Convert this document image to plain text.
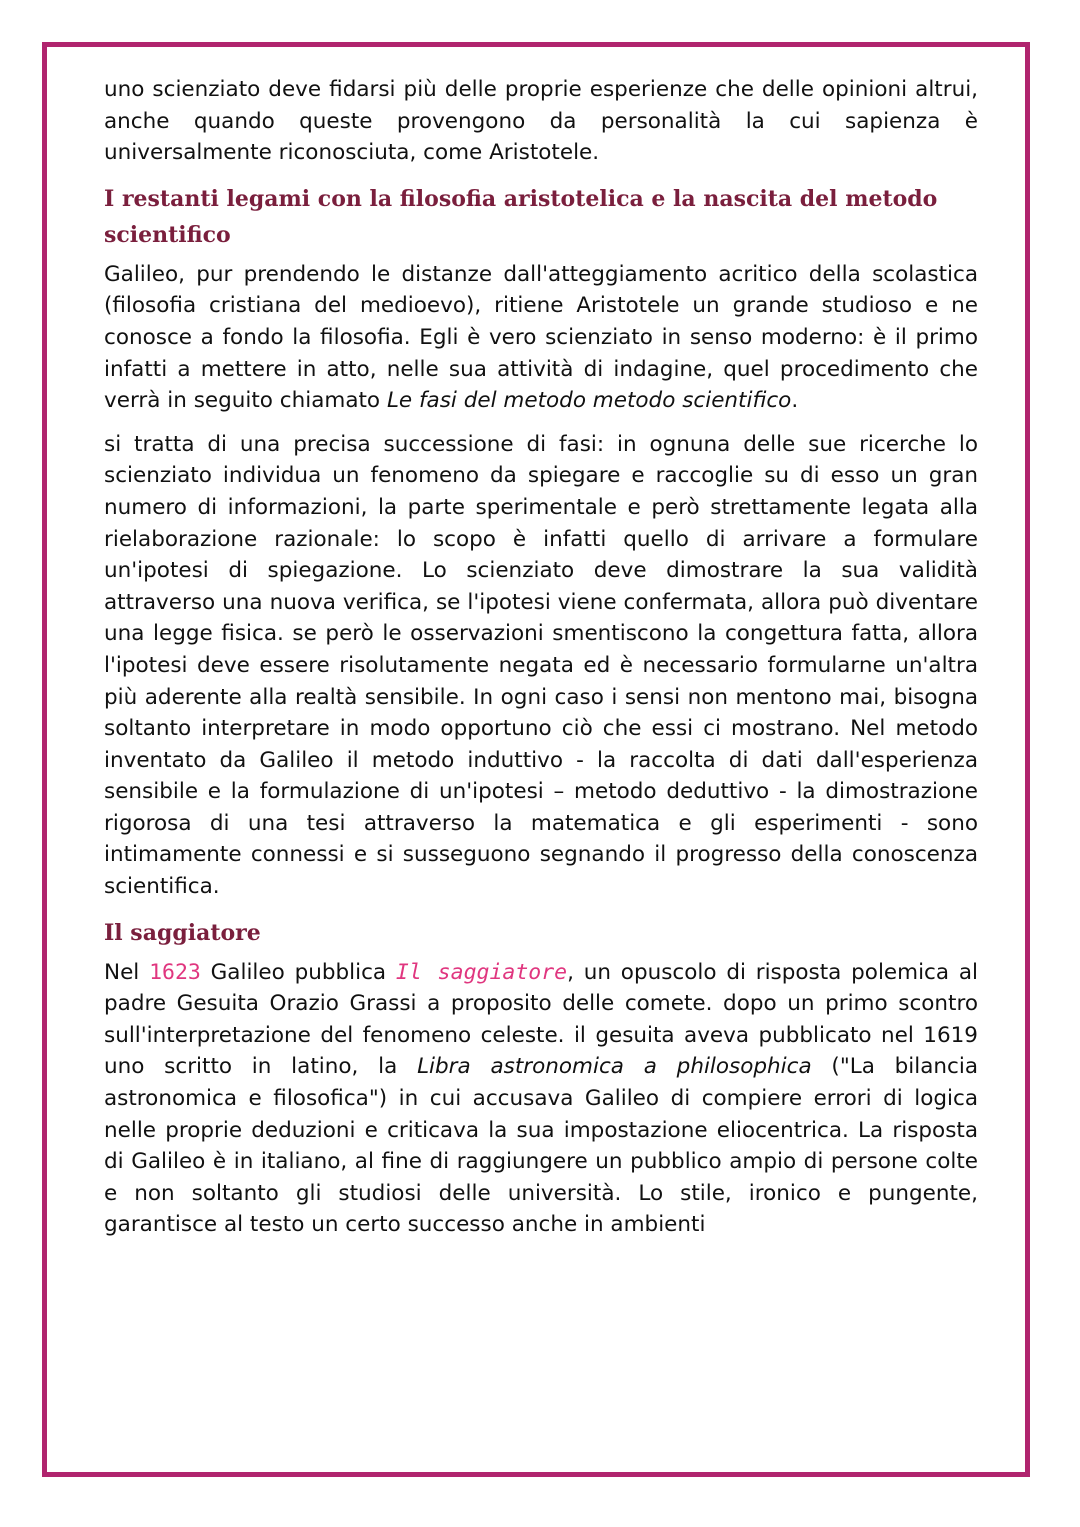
uno scienziato deve fidarsi più delle proprie esperienze che delle opinioni altrui, anche quando queste provengono da personalità la cui sapienza è universalmente riconosciuta, come Aristotele.

I restanti legami con la filosofia aristotelica e la nascita del metodo scientifico

Galileo, pur prendendo le distanze dall'atteggiamento acritico della scolastica (filosofia cristiana del medioevo), ritiene Aristotele un grande studioso e ne conosce a fondo la filosofia. Egli è vero scienziato in senso moderno: è il primo infatti a mettere in atto, nelle sua attività di indagine, quel procedimento che verrà in seguito chiamato Le fasi del metodo metodo scientifico.

si tratta di una precisa successione di fasi: in ognuna delle sue ricerche lo scienziato individua un fenomeno da spiegare e raccoglie su di esso un gran numero di informazioni, la parte sperimentale e però strettamente legata alla rielaborazione razionale: lo scopo è infatti quello di arrivare a formulare un'ipotesi di spiegazione. Lo scienziato deve dimostrare la sua validità attraverso una nuova verifica, se l'ipotesi viene confermata, allora può diventare una legge fisica. se però le osservazioni smentiscono la congettura fatta, allora l'ipotesi deve essere risolutamente negata ed è necessario formularne un'altra più aderente alla realtà sensibile. In ogni caso i sensi non mentono mai, bisogna soltanto interpretare in modo opportuno ciò che essi ci mostrano. Nel metodo inventato da Galileo il metodo induttivo - la raccolta di dati dall'esperienza sensibile e la formulazione di un'ipotesi – metodo deduttivo - la dimostrazione rigorosa di una tesi attraverso la matematica e gli esperimenti - sono intimamente connessi e si susseguono segnando il progresso della conoscenza scientifica.

Il saggiatore

Nel 1623 Galileo pubblica Il saggiatore, un opuscolo di risposta polemica al padre Gesuita Orazio Grassi a proposito delle comete. dopo un primo scontro sull'interpretazione del fenomeno celeste. il gesuita aveva pubblicato nel 1619 uno scritto in latino, la Libra astronomica a philosophica ("La bilancia astronomica e filosofica") in cui accusava Galileo di compiere errori di logica nelle proprie deduzioni e criticava la sua impostazione eliocentrica. La risposta di Galileo è in italiano, al fine di raggiungere un pubblico ampio di persone colte e non soltanto gli studiosi delle università. Lo stile, ironico e pungente, garantisce al testo un certo successo anche in ambienti
